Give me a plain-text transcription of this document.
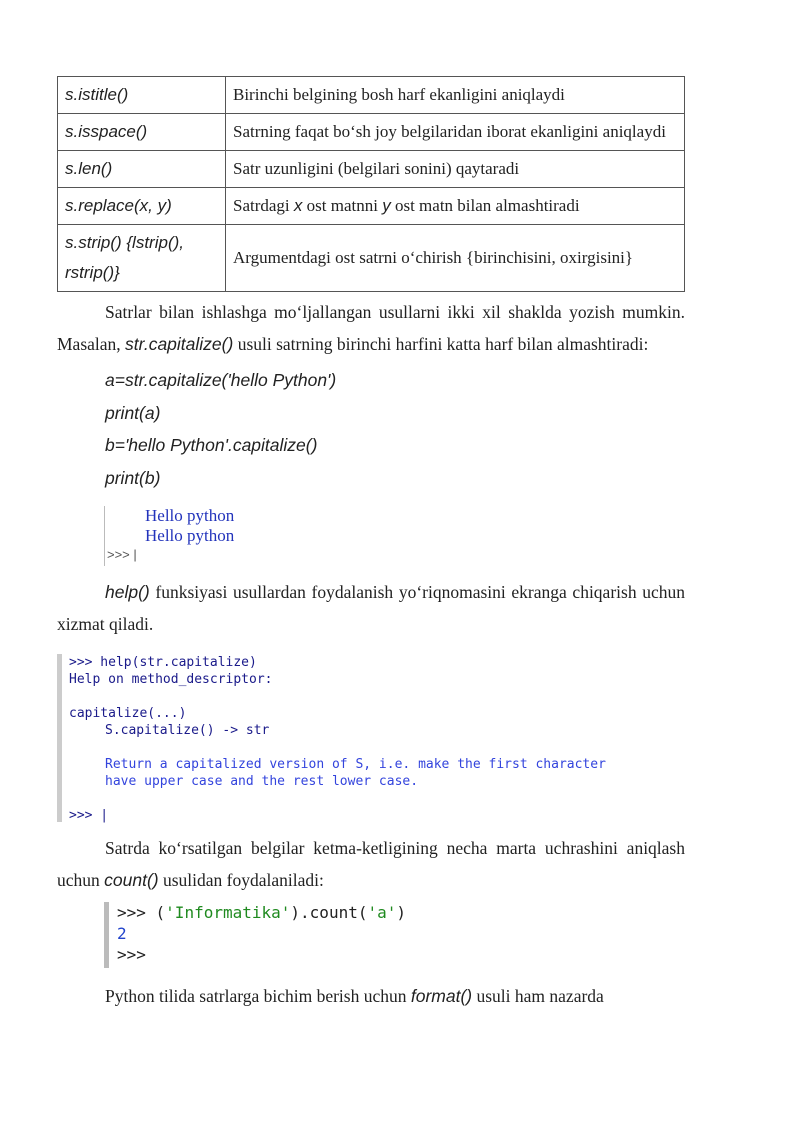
s.istitle()	Birinchi belgining bosh harf ekanligini aniqlaydi
s.isspace()	Satrning faqat bo‘sh joy belgilaridan iborat ekanligini aniqlaydi
s.len()	Satr uzunligini (belgilari sonini) qaytaradi
s.replace(x, y)	Satrdagi x ost matnni y ost matn bilan almashtiradi
s.strip() {lstrip(), rstrip()}	Argumentdagi ost satrni o‘chirish {birinchisini, oxirgisini}

Satrlar bilan ishlashga mo‘ljallangan usullarni ikki xil shaklda yozish mumkin. Masalan, str.capitalize() usuli satrning birinchi harfini katta harf bilan almashtiradi:

a=str.capitalize('hello Python')
print(a)
b='hello Python'.capitalize()
print(b)
Hello python
Hello python
>>> |

help() funksiyasi usullardan foydalanish yo‘riqnomasini ekranga chiqarish uchun xizmat qiladi.

>>> help(str.capitalize)
Help on method_descriptor:
capitalize(...)
S.capitalize() -> str
Return a capitalized version of S, i.e. make the first character
have upper case and the rest lower case.
>>> |

Satrda ko‘rsatilgan belgilar ketma-ketligining necha marta uchrashini aniqlash uchun count() usulidan foydalaniladi:

>>> ('Informatika').count('a')
2
>>>

Python tilida satrlarga bichim berish uchun format() usuli ham nazarda
